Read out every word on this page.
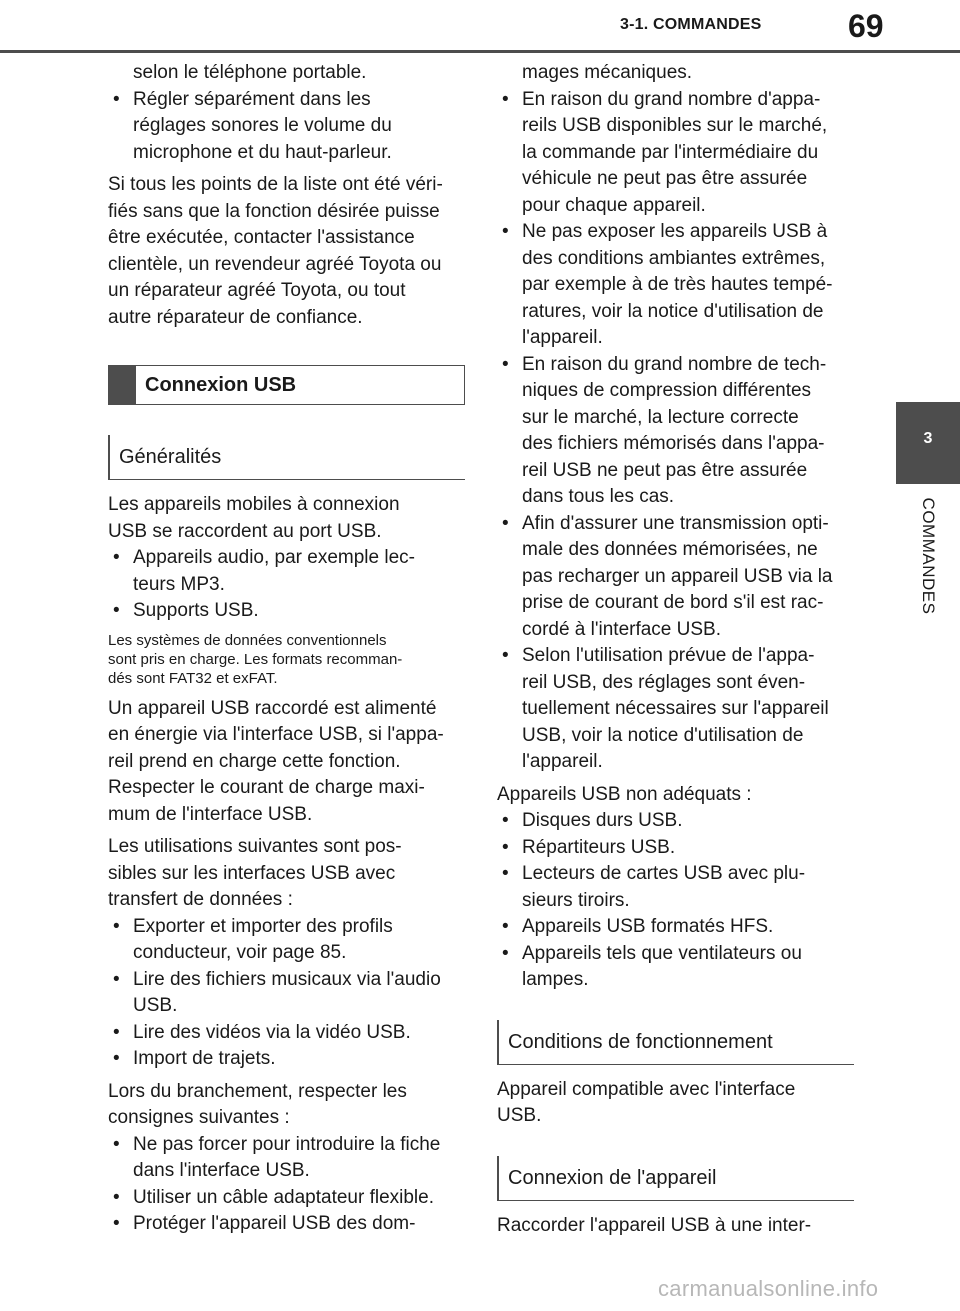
3-1. COMMANDES	69
3
COMMANDES
selon le téléphone portable.
• Régler séparément dans les
réglages sonores le volume du
microphone et du haut-parleur.
Si tous les points de la liste ont été véri-
fiés sans que la fonction désirée puisse
être exécutée, contacter l'assistance
clientèle, un revendeur agréé Toyota ou
un réparateur agréé Toyota, ou tout
autre réparateur de confiance.
Connexion USB
Généralités
Les appareils mobiles à connexion
USB se raccordent au port USB.
• Appareils audio, par exemple lec-
teurs MP3.
• Supports USB.
Les systèmes de données conventionnels
sont pris en charge. Les formats recomman-
dés sont FAT32 et exFAT.
Un appareil USB raccordé est alimenté
en énergie via l'interface USB, si l'appa-
reil prend en charge cette fonction.
Respecter le courant de charge maxi-
mum de l'interface USB.
Les utilisations suivantes sont pos-
sibles sur les interfaces USB avec
transfert de données :
• Exporter et importer des profils
conducteur, voir page 85.
• Lire des fichiers musicaux via l'audio
USB.
• Lire des vidéos via la vidéo USB.
• Import de trajets.
Lors du branchement, respecter les
consignes suivantes :
• Ne pas forcer pour introduire la fiche
dans l'interface USB.
• Utiliser un câble adaptateur flexible.
• Protéger l'appareil USB des dom-
mages mécaniques.
• En raison du grand nombre d'appa-
reils USB disponibles sur le marché,
la commande par l'intermédiaire du
véhicule ne peut pas être assurée
pour chaque appareil.
• Ne pas exposer les appareils USB à
des conditions ambiantes extrêmes,
par exemple à de très hautes tempé-
ratures, voir la notice d'utilisation de
l'appareil.
• En raison du grand nombre de tech-
niques de compression différentes
sur le marché, la lecture correcte
des fichiers mémorisés dans l'appa-
reil USB ne peut pas être assurée
dans tous les cas.
• Afin d'assurer une transmission opti-
male des données mémorisées, ne
pas recharger un appareil USB via la
prise de courant de bord s'il est rac-
cordé à l'interface USB.
• Selon l'utilisation prévue de l'appa-
reil USB, des réglages sont éven-
tuellement nécessaires sur l'appareil
USB, voir la notice d'utilisation de
l'appareil.
Appareils USB non adéquats :
• Disques durs USB.
• Répartiteurs USB.
• Lecteurs de cartes USB avec plu-
sieurs tiroirs.
• Appareils USB formatés HFS.
• Appareils tels que ventilateurs ou
lampes.
Conditions de fonctionnement
Appareil compatible avec l'interface
USB.
Connexion de l'appareil
Raccorder l'appareil USB à une inter-
carmanualsonline.info
